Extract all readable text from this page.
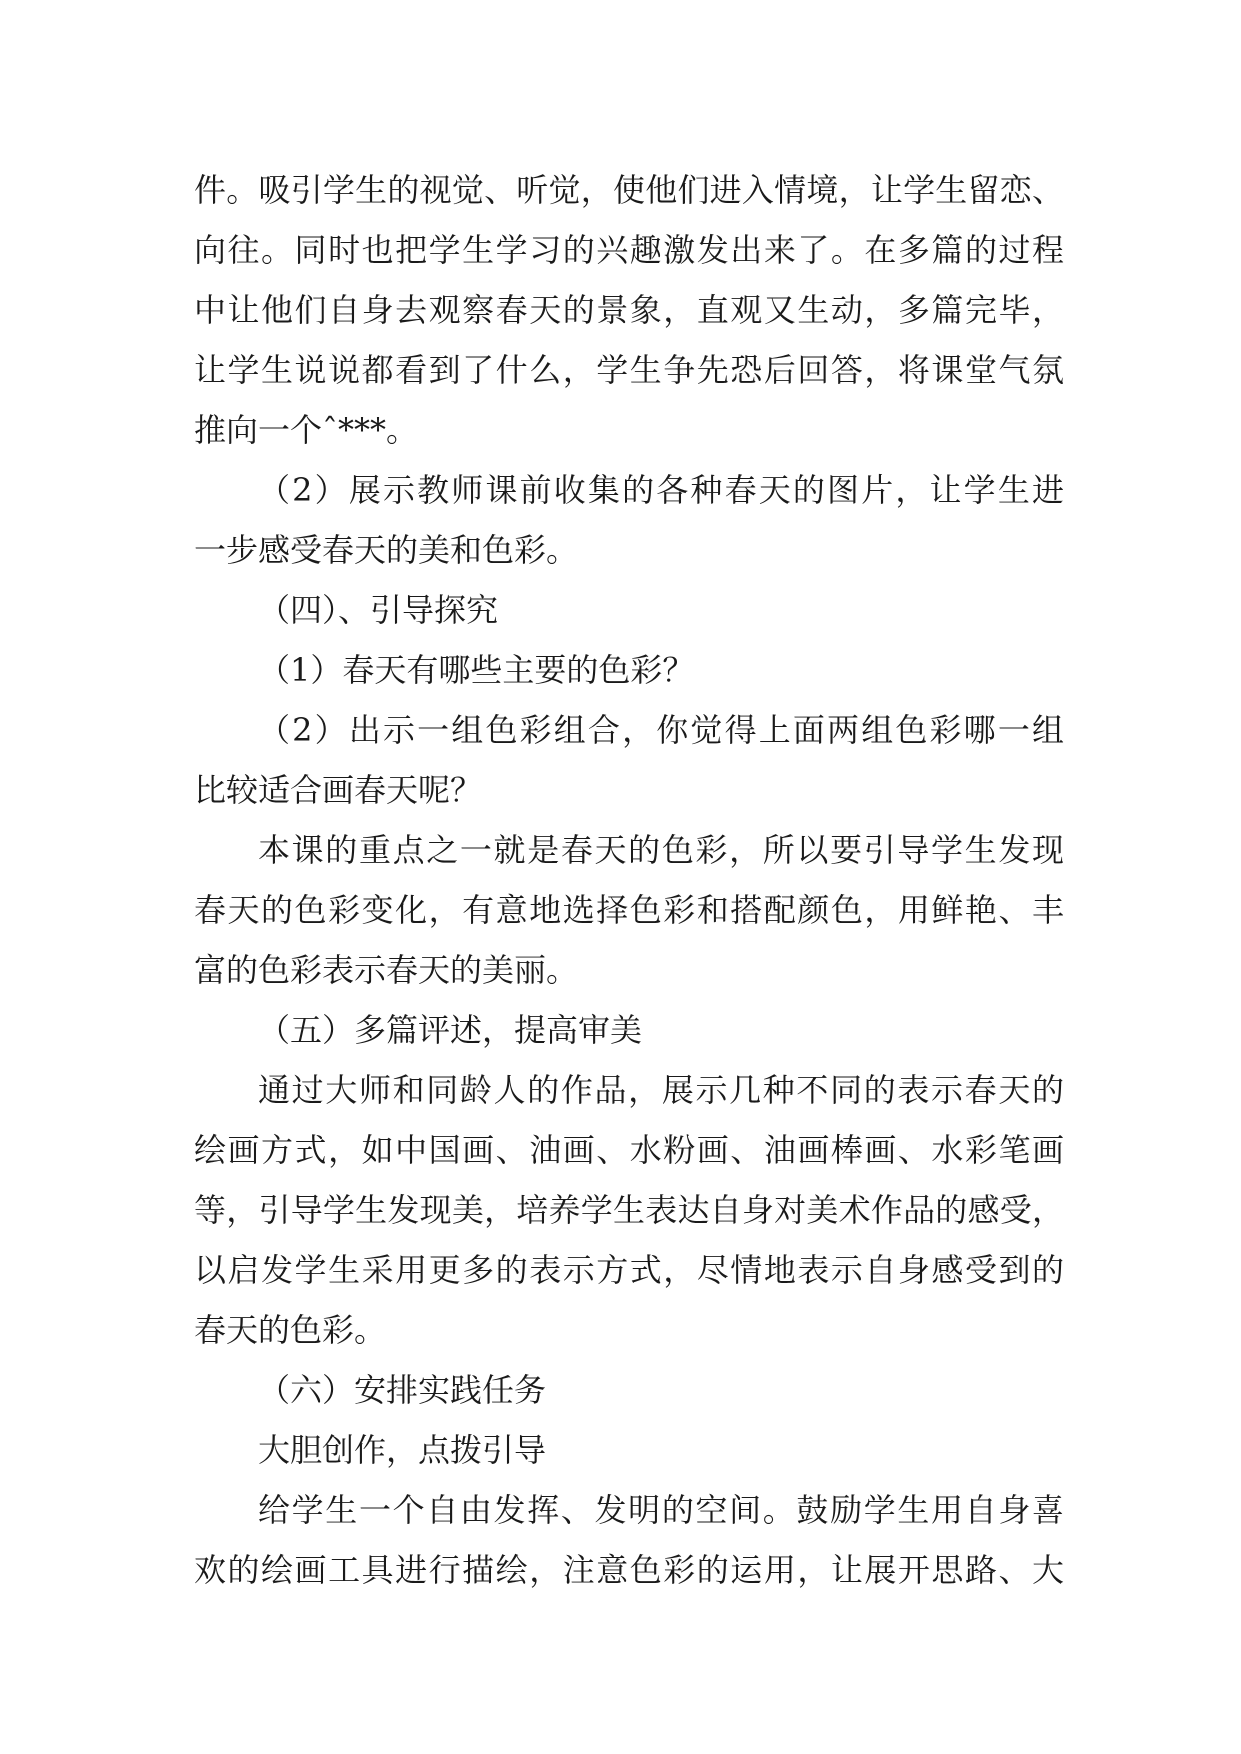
件。吸引学生的视觉、听觉，使他们进入情境，让学生留恋、
向往。同时也把学生学习的兴趣激发出来了。在多篇的过程
中让他们自身去观察春天的景象，直观又生动，多篇完毕，
让学生说说都看到了什么，学生争先恐后回答，将课堂气氛
推向一个ˆ***。
（2）展示教师课前收集的各种春天的图片，让学生进
一步感受春天的美和色彩。
（四）、引导探究
（1）春天有哪些主要的色彩？
（2）出示一组色彩组合，你觉得上面两组色彩哪一组
比较适合画春天呢？
本课的重点之一就是春天的色彩，所以要引导学生发现
春天的色彩变化，有意地选择色彩和搭配颜色，用鲜艳、丰
富的色彩表示春天的美丽。
（五）多篇评述，提高审美
通过大师和同龄人的作品，展示几种不同的表示春天的
绘画方式，如中国画、油画、水粉画、油画棒画、水彩笔画
等，引导学生发现美，培养学生表达自身对美术作品的感受，
以启发学生采用更多的表示方式，尽情地表示自身感受到的
春天的色彩。
（六）安排实践任务
大胆创作，点拨引导
给学生一个自由发挥、发明的空间。鼓励学生用自身喜
欢的绘画工具进行描绘，注意色彩的运用，让展开思路、大
